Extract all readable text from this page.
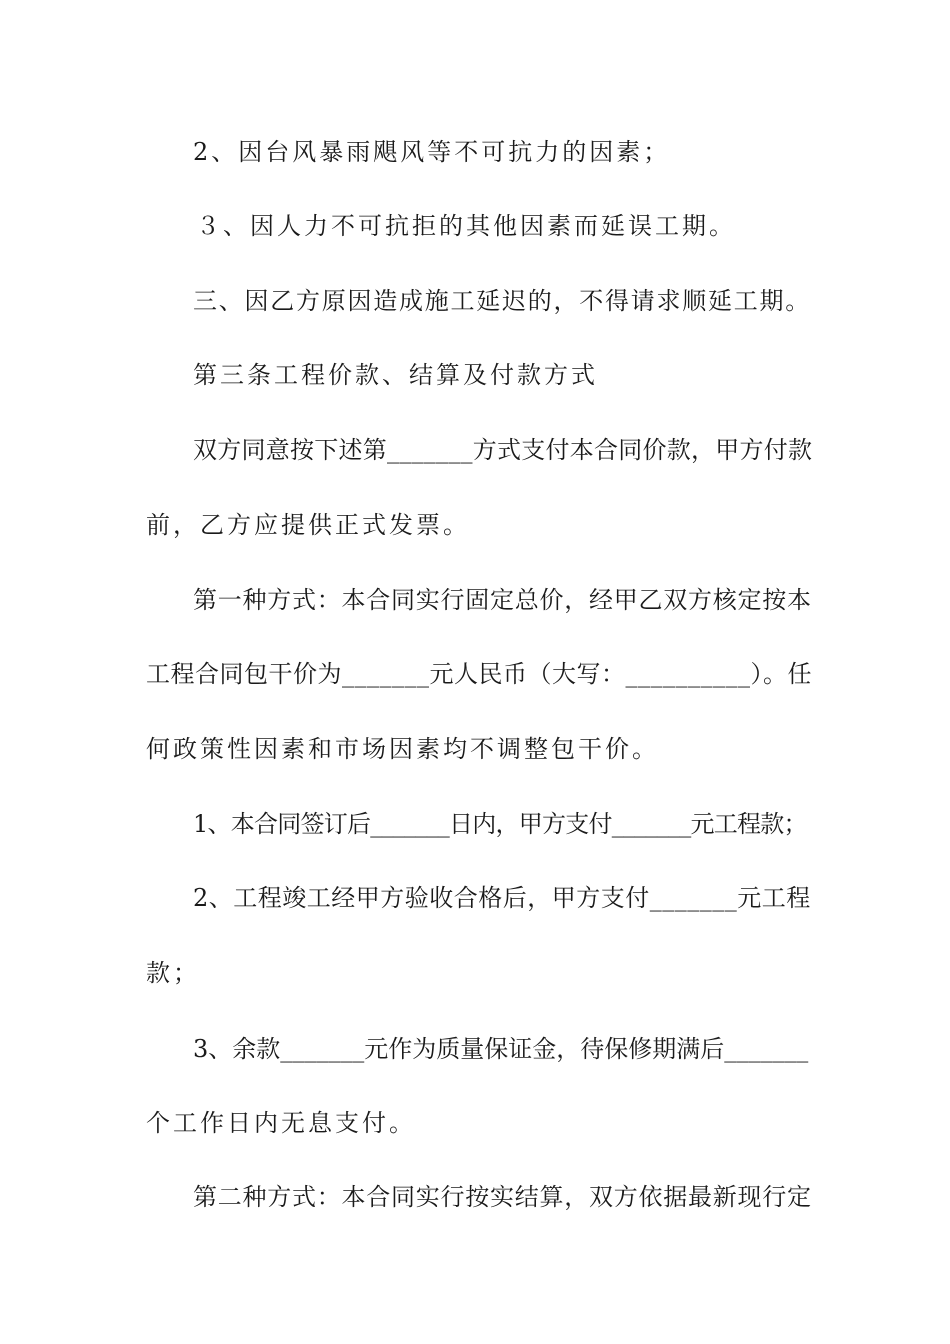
2、因台风暴雨飓风等不可抗力的因素；

３、因人力不可抗拒的其他因素而延误工期。

三、因乙方原因造成施工延迟的，不得请求顺延工期。

第三条工程价款、结算及付款方式

双方同意按下述第_______方式支付本合同价款，甲方付款

前，乙方应提供正式发票。

第一种方式：本合同实行固定总价，经甲乙双方核定按本

工程合同包干价为_______元人民币（大写：__________）。任

何政策性因素和市场因素均不调整包干价。

1、本合同签订后_______日内，甲方支付_______元工程款；

2、工程竣工经甲方验收合格后，甲方支付_______元工程

款；

3、余款_______元作为质量保证金，待保修期满后_______

个工作日内无息支付。

第二种方式：本合同实行按实结算，双方依据最新现行定
